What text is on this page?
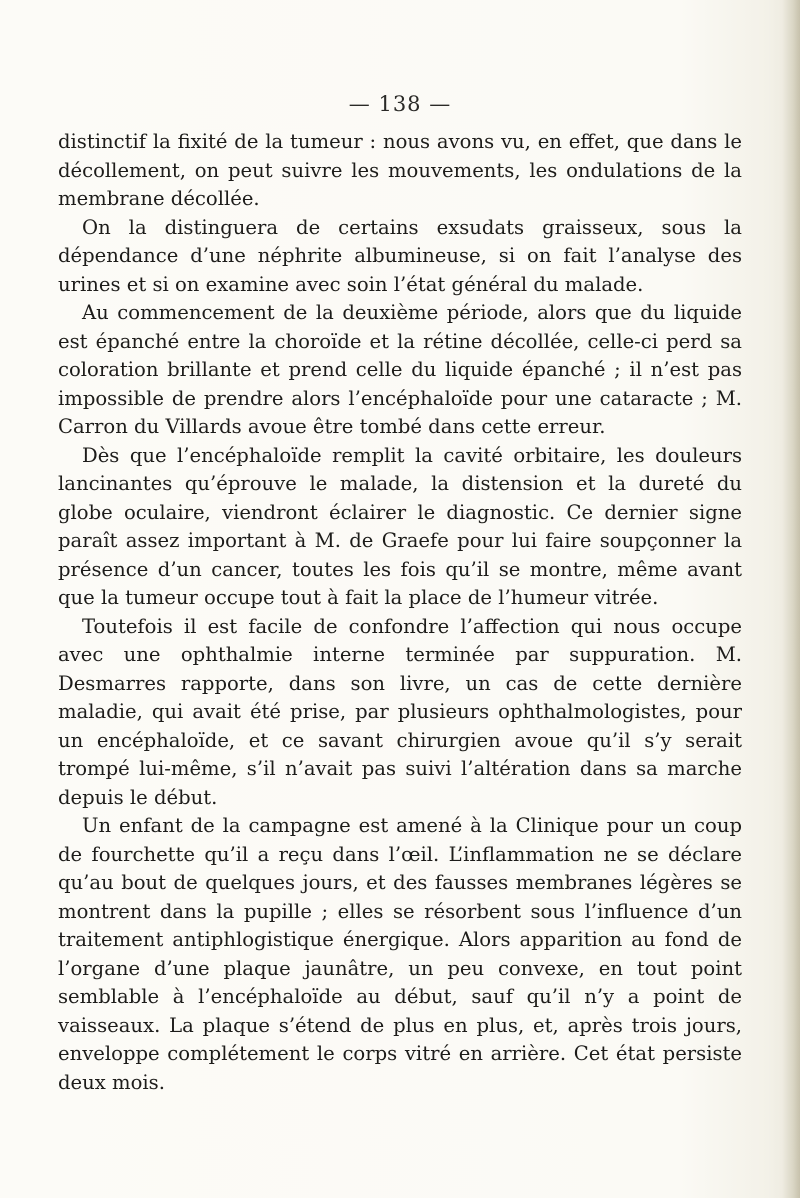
— 138 —

distinctif la fixité de la tumeur : nous avons vu, en effet, que dans le décollement, on peut suivre les mouvements, les ondulations de la membrane décollée.

On la distinguera de certains exsudats graisseux, sous la dépendance d’une néphrite albumineuse, si on fait l’analyse des urines et si on examine avec soin l’état général du malade.

Au commencement de la deuxième période, alors que du liquide est épanché entre la choroïde et la rétine décollée, celle-ci perd sa coloration brillante et prend celle du liquide épanché ; il n’est pas impossible de prendre alors l’encéphaloïde pour une cataracte ; M. Carron du Villards avoue être tombé dans cette erreur.

Dès que l’encéphaloïde remplit la cavité orbitaire, les douleurs lancinantes qu’éprouve le malade, la distension et la dureté du globe oculaire, viendront éclairer le diagnostic. Ce dernier signe paraît assez important à M. de Graefe pour lui faire soupçonner la présence d’un cancer, toutes les fois qu’il se montre, même avant que la tumeur occupe tout à fait la place de l’humeur vitrée.

Toutefois il est facile de confondre l’affection qui nous occupe avec une ophthalmie interne terminée par suppuration. M. Desmarres rapporte, dans son livre, un cas de cette dernière maladie, qui avait été prise, par plusieurs ophthalmologistes, pour un encéphaloïde, et ce savant chirurgien avoue qu’il s’y serait trompé lui-même, s’il n’avait pas suivi l’altération dans sa marche depuis le début.

Un enfant de la campagne est amené à la Clinique pour un coup de fourchette qu’il a reçu dans l’œil. L’inflammation ne se déclare qu’au bout de quelques jours, et des fausses membranes légères se montrent dans la pupille ; elles se résorbent sous l’influence d’un traitement antiphlogistique énergique. Alors apparition au fond de l’organe d’une plaque jaunâtre, un peu convexe, en tout point semblable à l’encéphaloïde au début, sauf qu’il n’y a point de vaisseaux. La plaque s’étend de plus en plus, et, après trois jours, enveloppe complétement le corps vitré en arrière. Cet état persiste deux mois.
